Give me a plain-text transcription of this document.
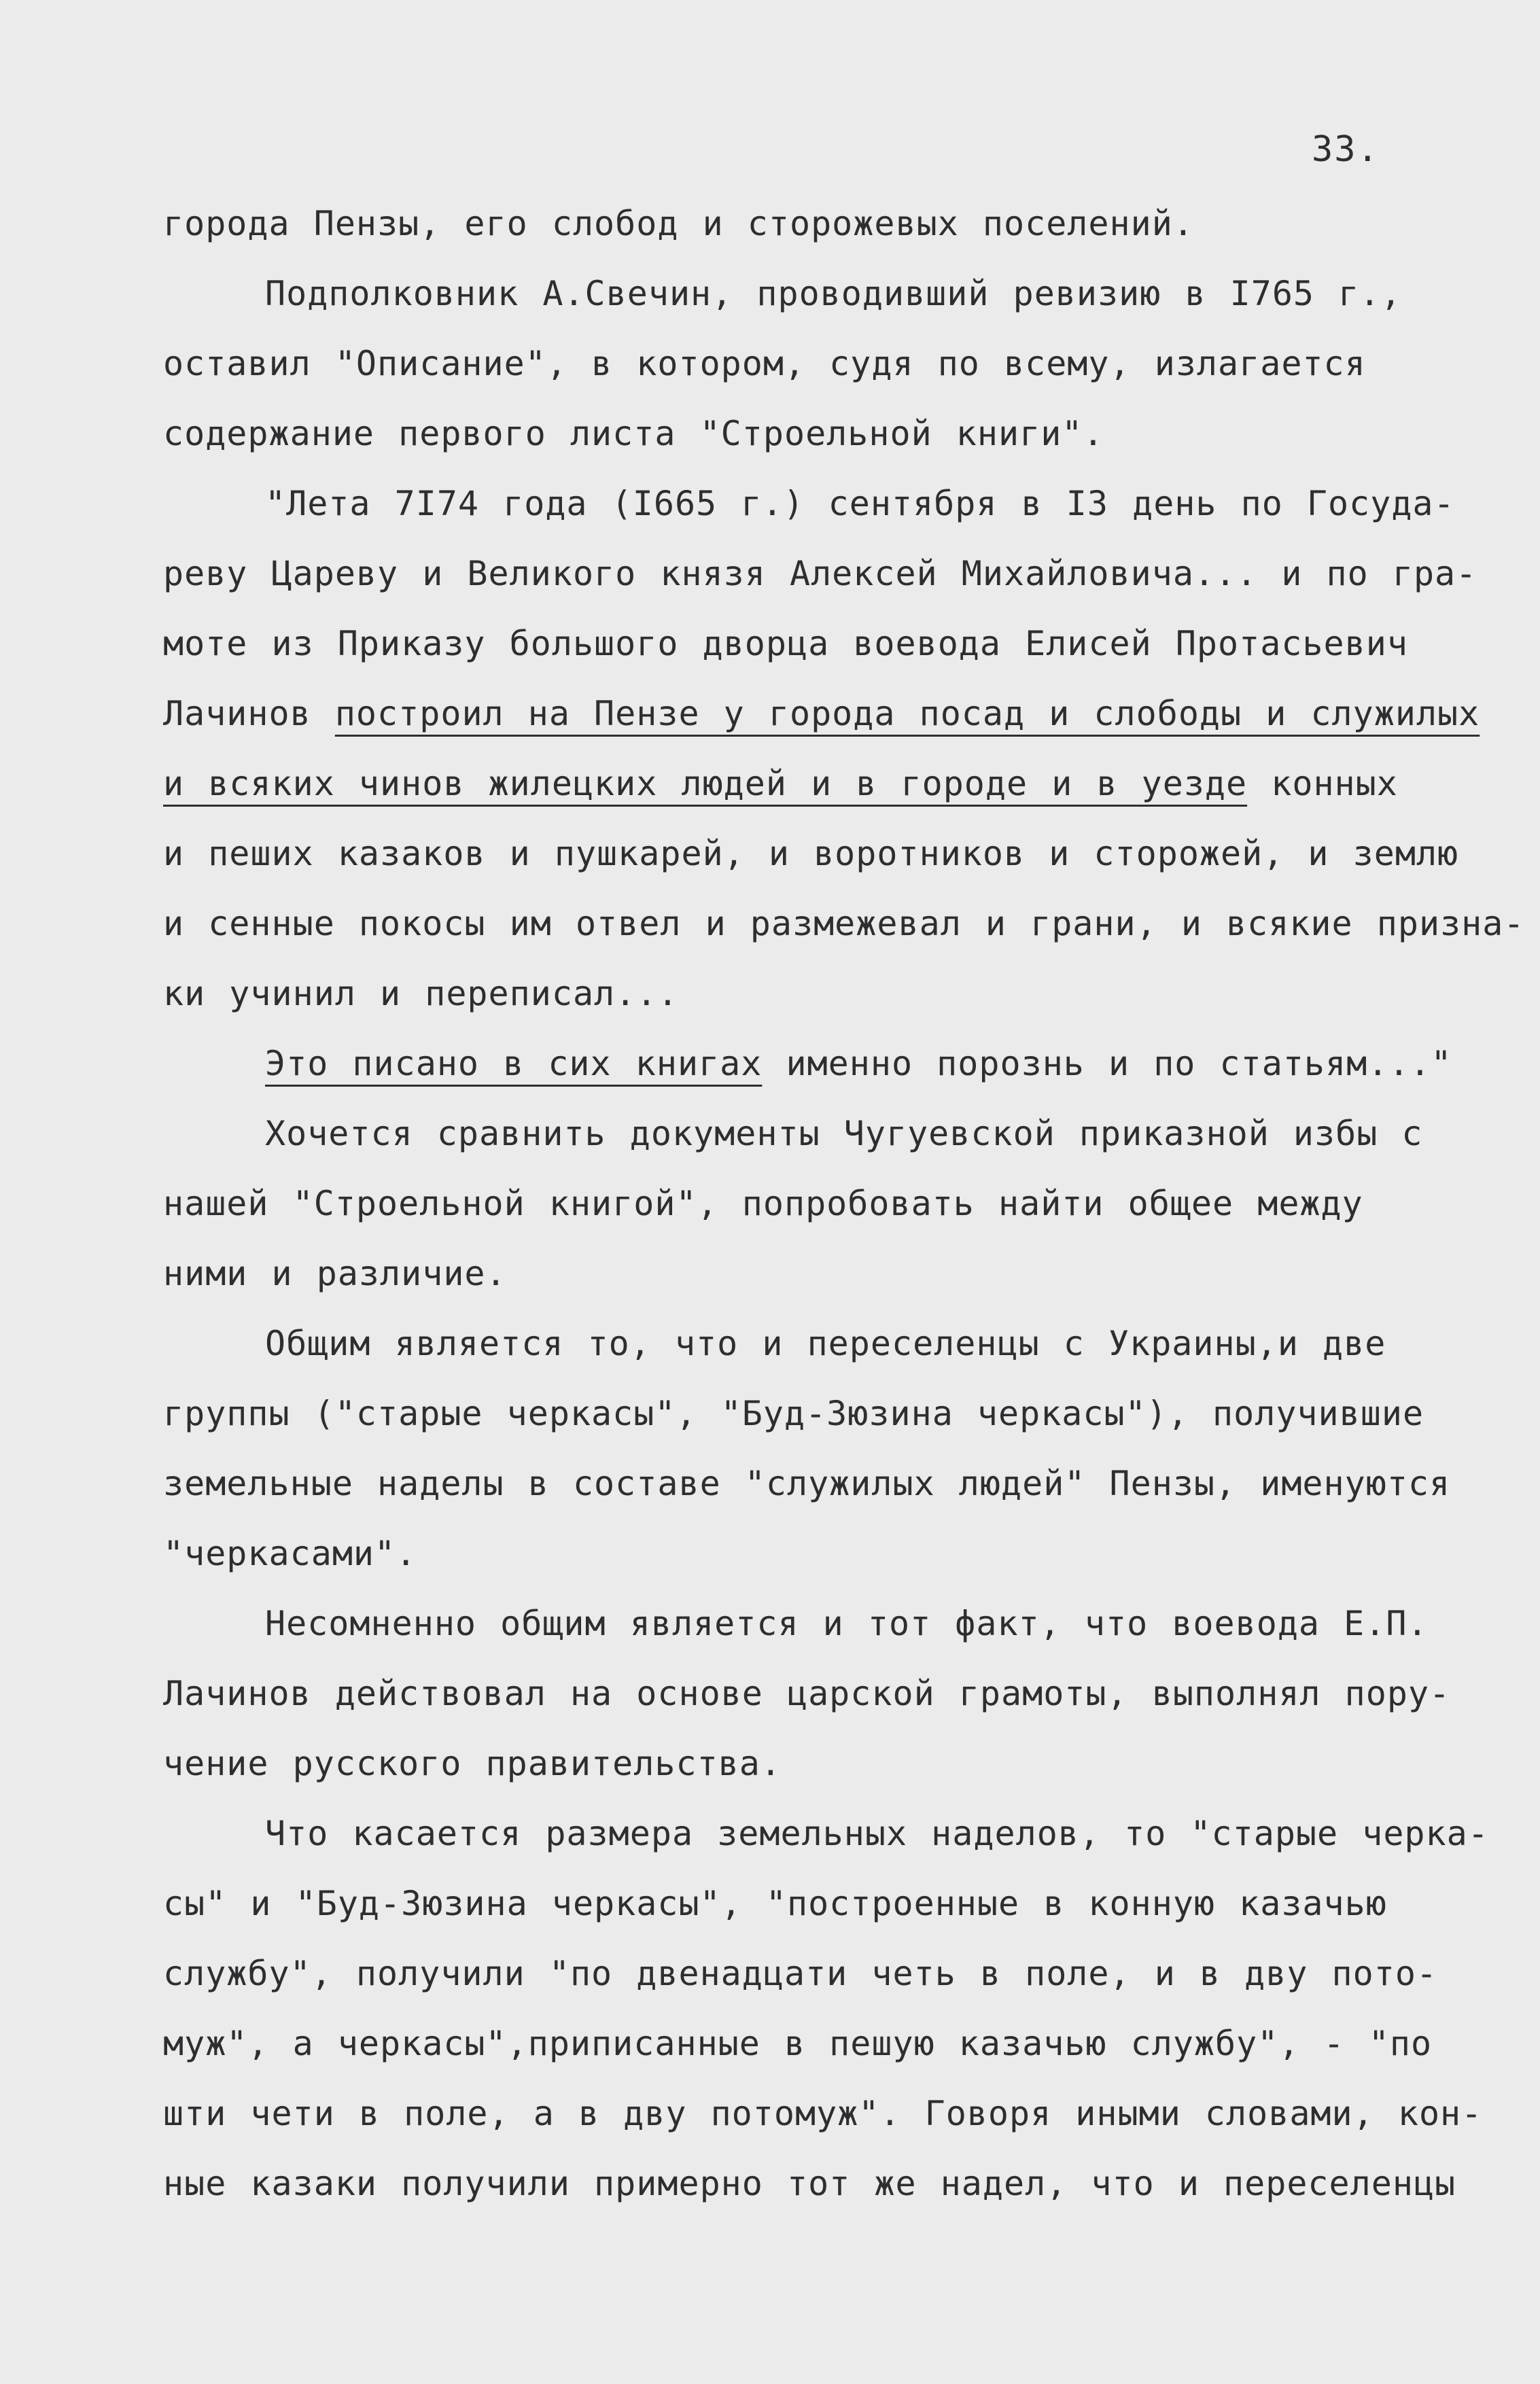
33.
города Пензы, его слобод и сторожевых поселений.
Подполковник А.Свечин, проводивший ревизию в I765 г.,
оставил "Описание", в котором, судя по всему, излагается
содержание первого листа "Строельной книги".
"Лета 7I74 года (I665 г.) сентября в I3 день по Госуда-
реву Цареву и Великого князя Алексей Михайловича... и по гра-
моте из Приказу большого дворца воевода Елисей Протасьевич
Лачинов построил на Пензе у города посад и слободы и служилых
и всяких чинов жилецких людей и в городе и в уезде конных
и пеших казаков и пушкарей, и воротников и сторожей, и землю
и сенные покосы им отвел и размежевал и грани, и всякие призна-
ки учинил и переписал...
Это писано в сих книгах именно порознь и по статьям..."
Хочется сравнить документы Чугуевской приказной избы с
нашей "Строельной книгой", попробовать найти общее между
ними и различие.
Общим является то, что и переселенцы с Украины,и две
группы ("старые черкасы", "Буд-Зюзина черкасы"), получившие
земельные наделы в составе "служилых людей" Пензы, именуются
"черкасами".
Несомненно общим является и тот факт, что воевода Е.П.
Лачинов действовал на основе царской грамоты, выполнял пору-
чение русского правительства.
Что касается размера земельных наделов, то "старые черка-
сы" и "Буд-Зюзина черкасы", "построенные в конную казачью
службу", получили "по двенадцати четь в поле, и в дву пото-
муж", а черкасы",приписанные в пешую казачью службу", - "по
шти чети в поле, а в дву потомуж". Говоря иными словами, кон-
ные казаки получили примерно тот же надел, что и переселенцы
